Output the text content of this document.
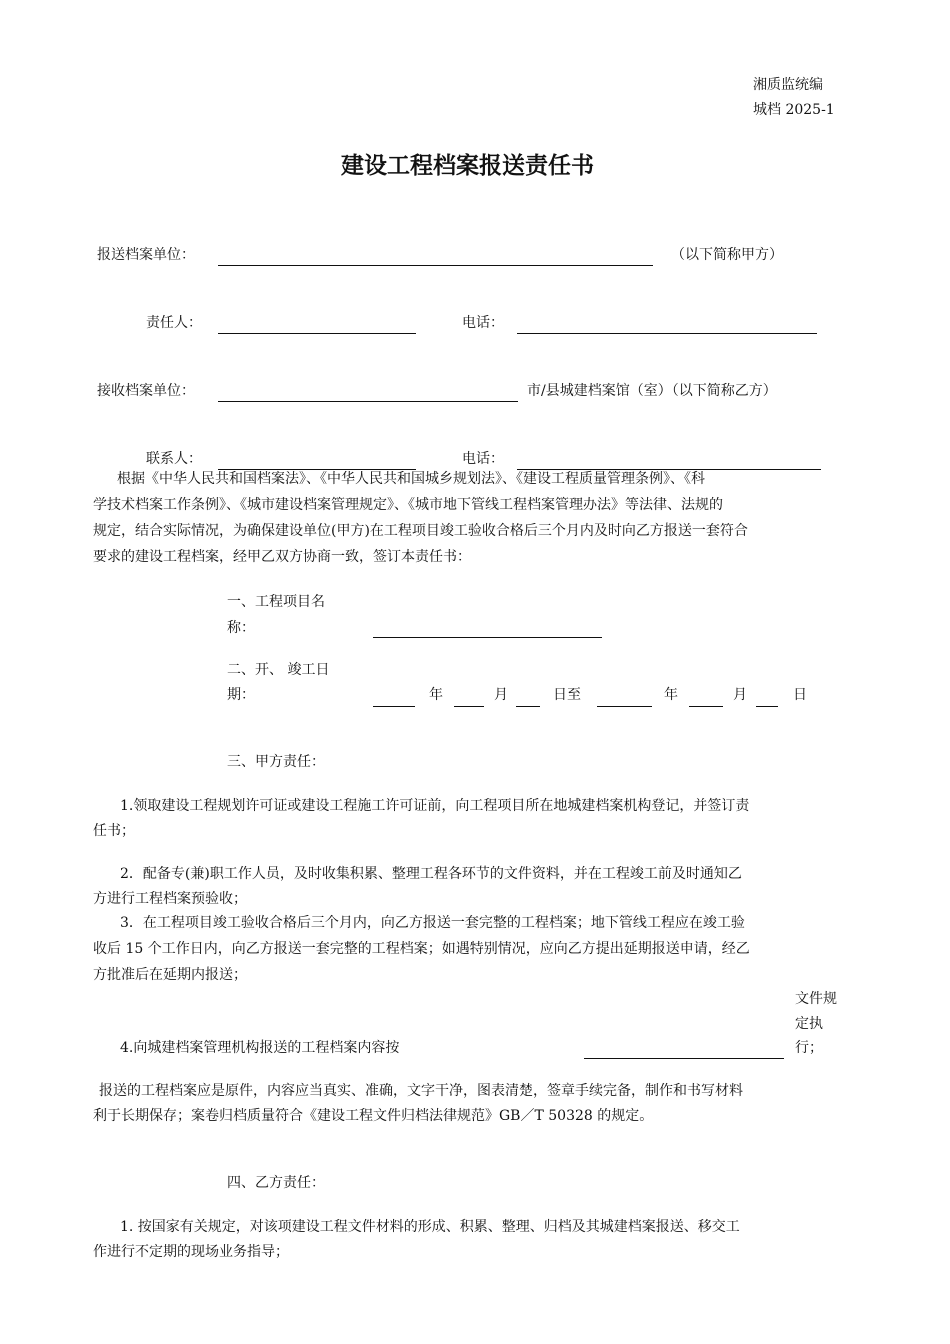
湘质监统编
城档 2025-1
建设工程档案报送责任书
报送档案单位：	（以下简称甲方）
责任人：	电话：
接收档案单位：	市/县城建档案馆（室）（以下简称乙方）
联系人：	电话：
根据《中华人民共和国档案法》、《中华人民共和国城乡规划法》、《建设工程质量管理条例》、《科
学技术档案工作条例》、《城市建设档案管理规定》、《城市地下管线工程档案管理办法》等法律、法规的
规定，结合实际情况，为确保建设单位(甲方)在工程项目竣工验收合格后三个月内及时向乙方报送一套符合
要求的建设工程档案，经甲乙双方协商一致，签订本责任书：
一、工程项目名
称：
二、开、 竣工日
期：	年	月	日至	年	月	日
三、甲方责任：
1.领取建设工程规划许可证或建设工程施工许可证前，向工程项目所在地城建档案机构登记，并签订责
任书；
2．配备专(兼)职工作人员，及时收集积累、整理工程各环节的文件资料，并在工程竣工前及时通知乙
方进行工程档案预验收；
3．在工程项目竣工验收合格后三个月内，向乙方报送一套完整的工程档案；地下管线工程应在竣工验
收后 15 个工作日内，向乙方报送一套完整的工程档案；如遇特别情况，应向乙方提出延期报送申请，经乙
方批准后在延期内报送；
文件规
定执
4.向城建档案管理机构报送的工程档案内容按	行；
报送的工程档案应是原件，内容应当真实、准确，文字干净，图表清楚，签章手续完备，制作和书写材料
利于长期保存；案卷归档质量符合《建设工程文件归档法律规范》GB／T 50328 的规定。
四、乙方责任：
1. 按国家有关规定，对该项建设工程文件材料的形成、积累、整理、归档及其城建档案报送、移交工
作进行不定期的现场业务指导；
